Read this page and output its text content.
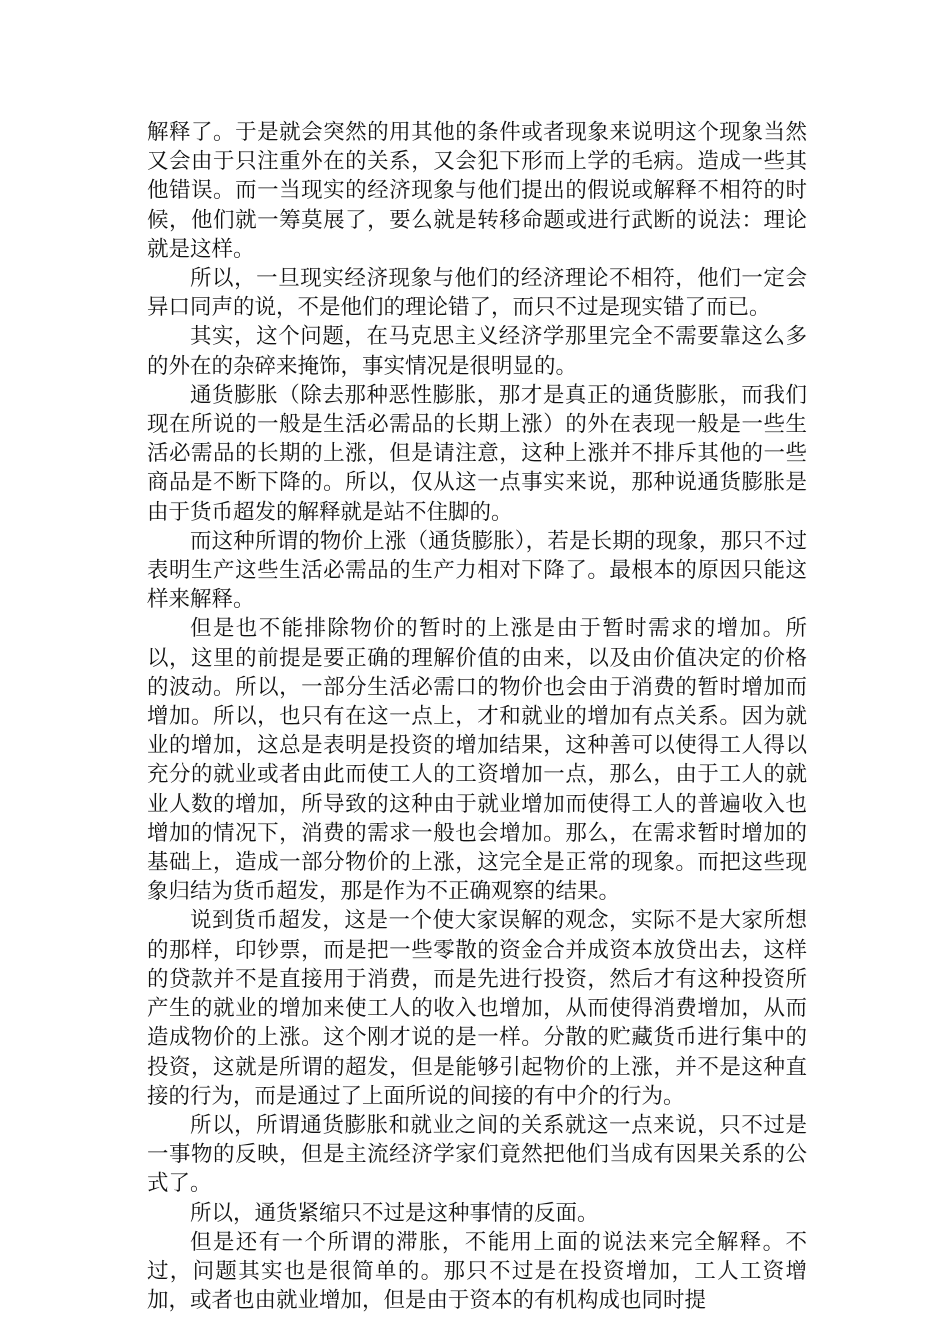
解释了。于是就会突然的用其他的条件或者现象来说明这个现象当然又会由于只注重外在的关系，又会犯下形而上学的毛病。造成一些其他错误。而一当现实的经济现象与他们提出的假说或解释不相符的时候，他们就一筹莫展了，要么就是转移命题或进行武断的说法：理论就是这样。

所以，一旦现实经济现象与他们的经济理论不相符，他们一定会异口同声的说，不是他们的理论错了，而只不过是现实错了而已。

其实，这个问题，在马克思主义经济学那里完全不需要靠这么多的外在的杂碎来掩饰，事实情况是很明显的。

通货膨胀（除去那种恶性膨胀，那才是真正的通货膨胀，而我们现在所说的一般是生活必需品的长期上涨）的外在表现一般是一些生活必需品的长期的上涨，但是请注意，这种上涨并不排斥其他的一些商品是不断下降的。所以，仅从这一点事实来说，那种说通货膨胀是由于货币超发的解释就是站不住脚的。

而这种所谓的物价上涨（通货膨胀），若是长期的现象，那只不过表明生产这些生活必需品的生产力相对下降了。最根本的原因只能这样来解释。

但是也不能排除物价的暂时的上涨是由于暂时需求的增加。所以，这里的前提是要正确的理解价值的由来，以及由价值决定的价格的波动。所以，一部分生活必需口的物价也会由于消费的暂时增加而增加。所以，也只有在这一点上，才和就业的增加有点关系。因为就业的增加，这总是表明是投资的增加结果，这种善可以使得工人得以充分的就业或者由此而使工人的工资增加一点，那么，由于工人的就业人数的增加，所导致的这种由于就业增加而使得工人的普遍收入也增加的情况下，消费的需求一般也会增加。那么，在需求暂时增加的基础上，造成一部分物价的上涨，这完全是正常的现象。而把这些现象归结为货币超发，那是作为不正确观察的结果。

说到货币超发，这是一个使大家误解的观念，实际不是大家所想的那样，印钞票，而是把一些零散的资金合并成资本放贷出去，这样的贷款并不是直接用于消费，而是先进行投资，然后才有这种投资所产生的就业的增加来使工人的收入也增加，从而使得消费增加，从而造成物价的上涨。这个刚才说的是一样。分散的贮藏货币进行集中的投资，这就是所谓的超发，但是能够引起物价的上涨，并不是这种直接的行为，而是通过了上面所说的间接的有中介的行为。

所以，所谓通货膨胀和就业之间的关系就这一点来说，只不过是一事物的反映，但是主流经济学家们竟然把他们当成有因果关系的公式了。

所以，通货紧缩只不过是这种事情的反面。

但是还有一个所谓的滞胀，不能用上面的说法来完全解释。不过，问题其实也是很简单的。那只不过是在投资增加，工人工资增加，或者也由就业增加，但是由于资本的有机构成也同时提
